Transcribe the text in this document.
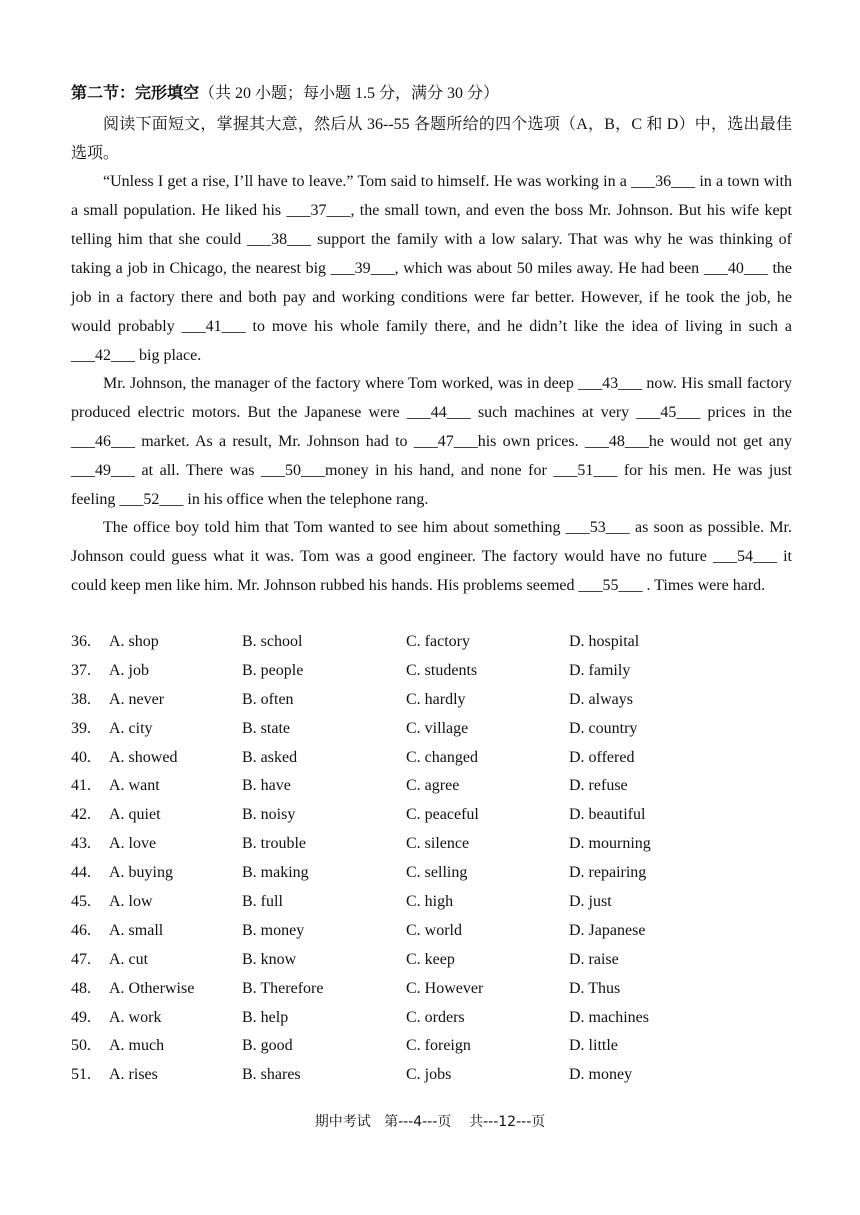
第二节：完形填空（共 20 小题；每小题 1.5 分，满分 30 分）
阅读下面短文，掌握其大意，然后从 36--55 各题所给的四个选项（A，B，C 和 D）中，选出最佳选项。
“Unless I get a rise, I’ll have to leave.” Tom said to himself. He was working in a ___36___ in a town with a small population. He liked his ___37___, the small town, and even the boss Mr. Johnson. But his wife kept telling him that she could ___38___ support the family with a low salary. That was why he was thinking of taking a job in Chicago, the nearest big ___39___, which was about 50 miles away. He had been ___40___ the job in a factory there and both pay and working conditions were far better. However, if he took the job, he would probably ___41___ to move his whole family there, and he didn’t like the idea of living in such a ___42___ big place.
Mr. Johnson, the manager of the factory where Tom worked, was in deep ___43___ now. His small factory produced electric motors. But the Japanese were ___44___ such machines at very ___45___ prices in the ___46___ market. As a result, Mr. Johnson had to ___47___his own prices. ___48___he would not get any ___49___ at all. There was ___50___money in his hand, and none for ___51___ for his men. He was just feeling ___52___ in his office when the telephone rang.
The office boy told him that Tom wanted to see him about something ___53___ as soon as possible. Mr. Johnson could guess what it was. Tom was a good engineer. The factory would have no future ___54___ it could keep men like him. Mr. Johnson rubbed his hands. His problems seemed ___55___ . Times were hard.
36. A. shop	B. school	C. factory	D. hospital
37. A. job	B. people	C. students	D. family
38. A. never	B. often	C. hardly	D. always
39. A. city	B. state	C. village	D. country
40. A. showed	B. asked	C. changed	D. offered
41. A. want	B. have	C. agree	D. refuse
42. A. quiet	B. noisy	C. peaceful	D. beautiful
43. A. love	B. trouble	C. silence	D. mourning
44. A. buying	B. making	C. selling	D. repairing
45. A. low	B. full	C. high	D. just
46. A. small	B. money	C. world	D. Japanese
47. A. cut	B. know	C. keep	D. raise
48. A. Otherwise	B. Therefore	C. However	D. Thus
49. A. work	B. help	C. orders	D. machines
50. A. much	B. good	C. foreign	D. little
51. A. rises	B. shares	C. jobs	D. money
期中考试   第---4---页    共---12---页
